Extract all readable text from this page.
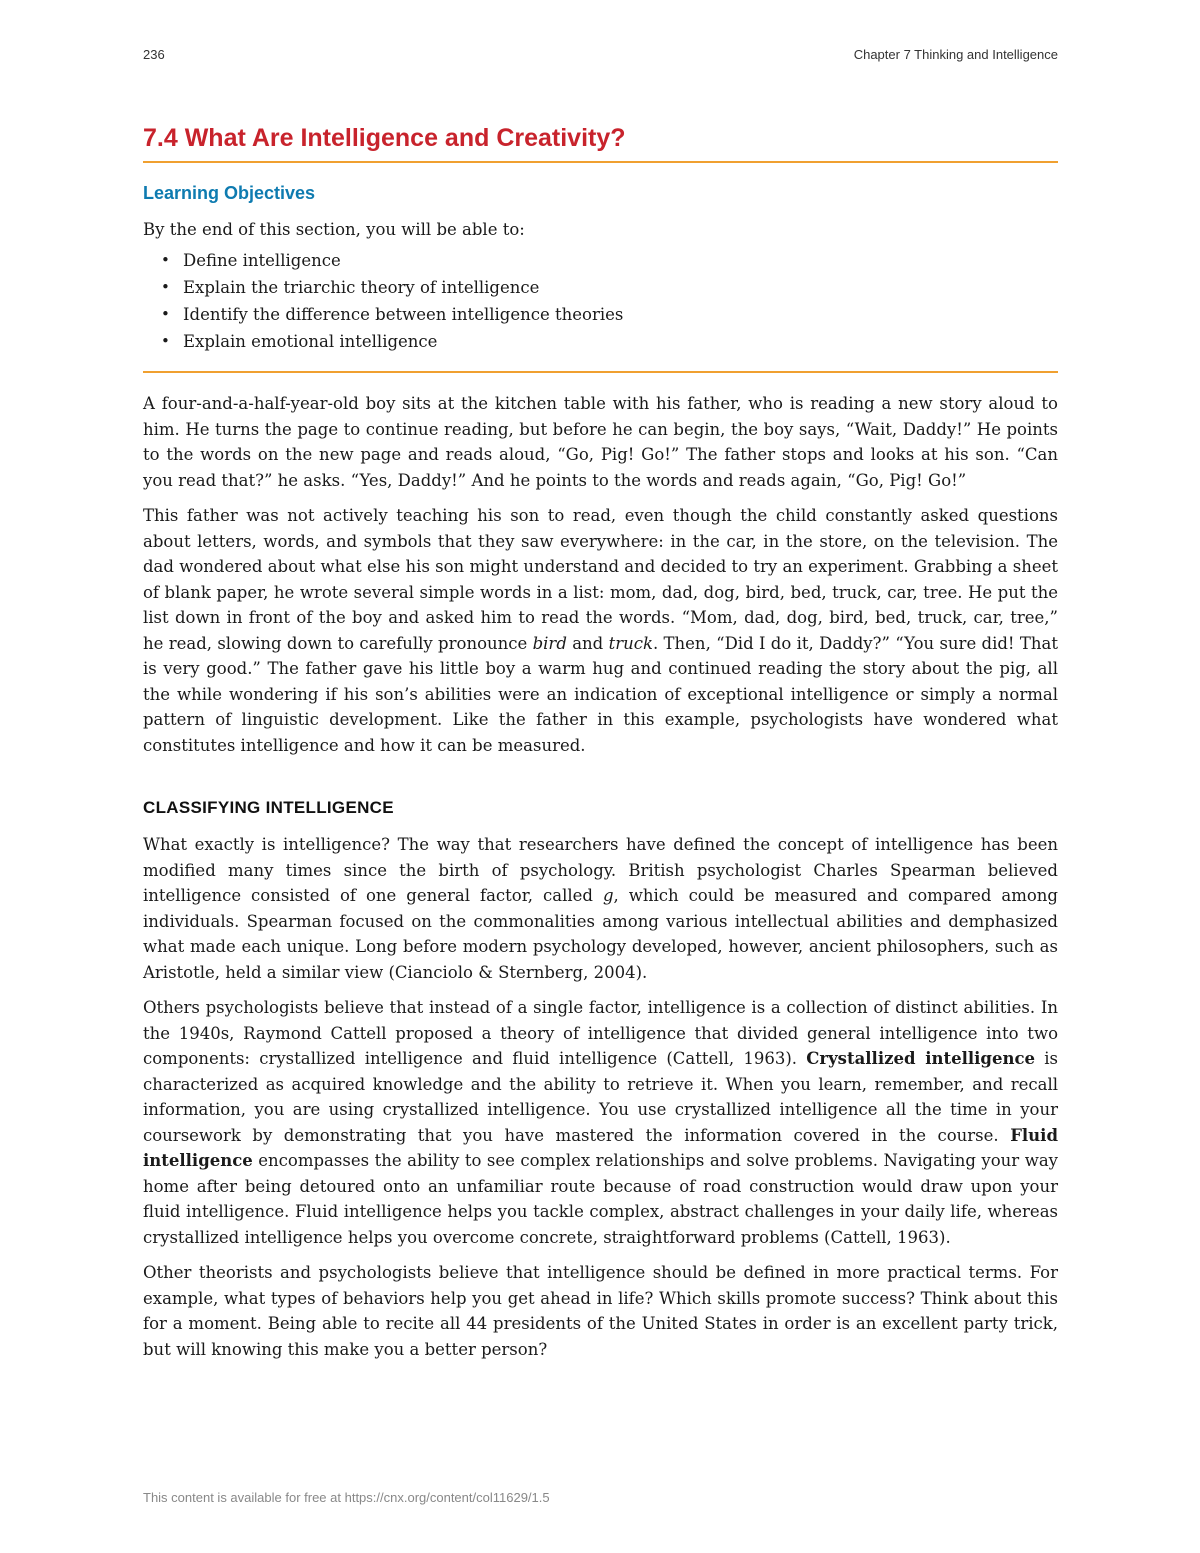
236	Chapter 7 Thinking and Intelligence
7.4 What Are Intelligence and Creativity?
Learning Objectives

By the end of this section, you will be able to:

• Define intelligence
• Explain the triarchic theory of intelligence
• Identify the difference between intelligence theories
• Explain emotional intelligence

A four-and-a-half-year-old boy sits at the kitchen table with his father, who is reading a new story aloud to him. He turns the page to continue reading, but before he can begin, the boy says, “Wait, Daddy!” He points to the words on the new page and reads aloud, “Go, Pig! Go!” The father stops and looks at his son. “Can you read that?” he asks. “Yes, Daddy!” And he points to the words and reads again, “Go, Pig! Go!”

This father was not actively teaching his son to read, even though the child constantly asked questions about letters, words, and symbols that they saw everywhere: in the car, in the store, on the television. The dad wondered about what else his son might understand and decided to try an experiment. Grabbing a sheet of blank paper, he wrote several simple words in a list: mom, dad, dog, bird, bed, truck, car, tree. He put the list down in front of the boy and asked him to read the words. “Mom, dad, dog, bird, bed, truck, car, tree,” he read, slowing down to carefully pronounce bird and truck. Then, “Did I do it, Daddy?” “You sure did! That is very good.” The father gave his little boy a warm hug and continued reading the story about the pig, all the while wondering if his son’s abilities were an indication of exceptional intelligence or simply a normal pattern of linguistic development. Like the father in this example, psychologists have wondered what constitutes intelligence and how it can be measured.

CLASSIFYING INTELLIGENCE

What exactly is intelligence? The way that researchers have defined the concept of intelligence has been modified many times since the birth of psychology. British psychologist Charles Spearman believed intelligence consisted of one general factor, called g, which could be measured and compared among individuals. Spearman focused on the commonalities among various intellectual abilities and demphasized what made each unique. Long before modern psychology developed, however, ancient philosophers, such as Aristotle, held a similar view (Cianciolo & Sternberg, 2004).

Others psychologists believe that instead of a single factor, intelligence is a collection of distinct abilities. In the 1940s, Raymond Cattell proposed a theory of intelligence that divided general intelligence into two components: crystallized intelligence and fluid intelligence (Cattell, 1963). Crystallized intelligence is characterized as acquired knowledge and the ability to retrieve it. When you learn, remember, and recall information, you are using crystallized intelligence. You use crystallized intelligence all the time in your coursework by demonstrating that you have mastered the information covered in the course. Fluid intelligence encompasses the ability to see complex relationships and solve problems. Navigating your way home after being detoured onto an unfamiliar route because of road construction would draw upon your fluid intelligence. Fluid intelligence helps you tackle complex, abstract challenges in your daily life, whereas crystallized intelligence helps you overcome concrete, straightforward problems (Cattell, 1963).

Other theorists and psychologists believe that intelligence should be defined in more practical terms. For example, what types of behaviors help you get ahead in life? Which skills promote success? Think about this for a moment. Being able to recite all 44 presidents of the United States in order is an excellent party trick, but will knowing this make you a better person?

This content is available for free at https://cnx.org/content/col11629/1.5
